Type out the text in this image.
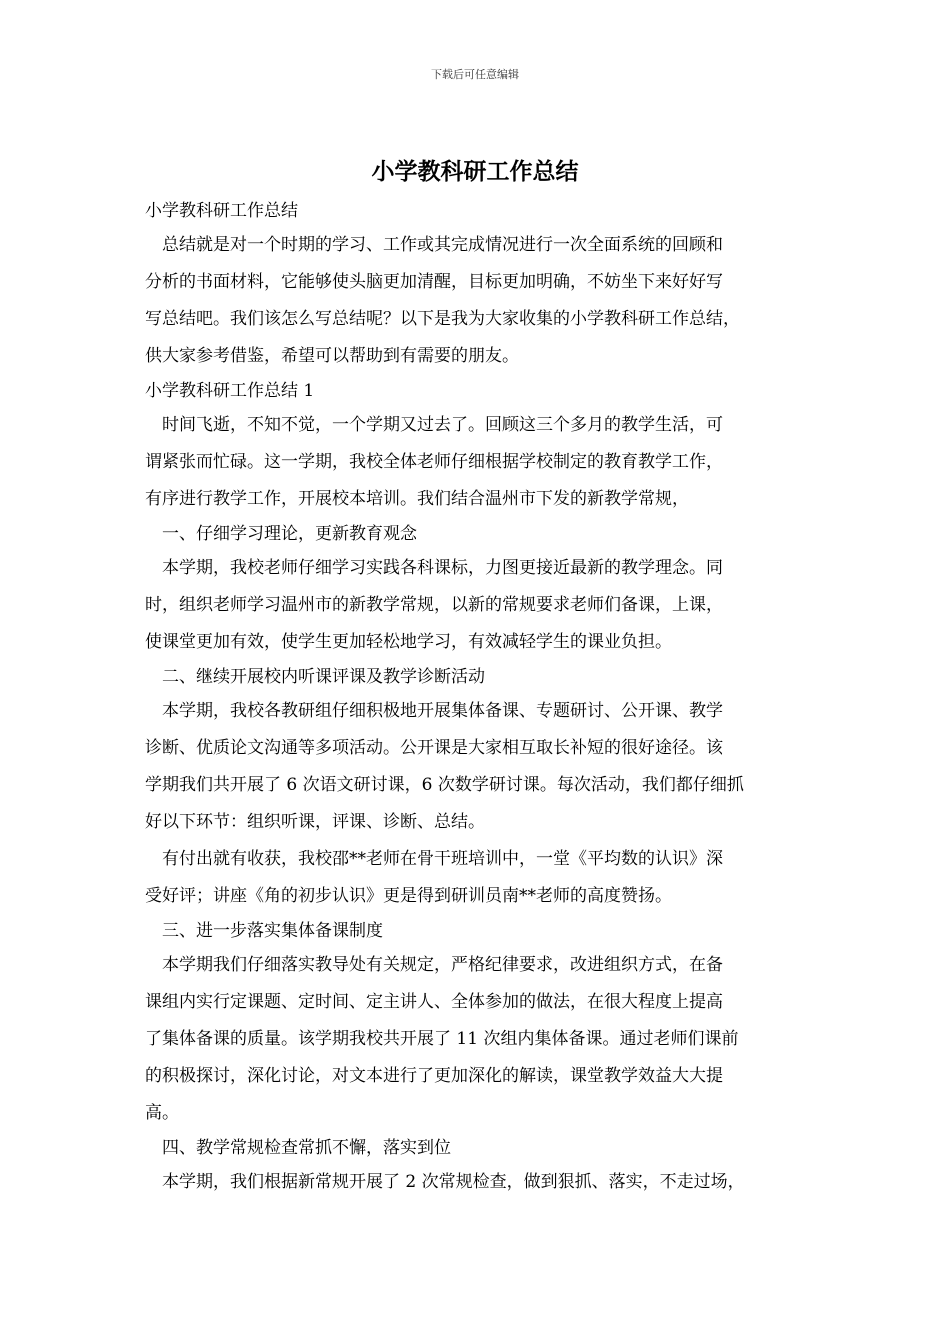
下载后可任意编辑
小学教科研工作总结
小学教科研工作总结
　总结就是对一个时期的学习、工作或其完成情况进行一次全面系统的回顾和
分析的书面材料，它能够使头脑更加清醒，目标更加明确，不妨坐下来好好写
写总结吧。我们该怎么写总结呢？以下是我为大家收集的小学教科研工作总结，
供大家参考借鉴，希望可以帮助到有需要的朋友。
小学教科研工作总结 1
　时间飞逝，不知不觉，一个学期又过去了。回顾这三个多月的教学生活，可
谓紧张而忙碌。这一学期，我校全体老师仔细根据学校制定的教育教学工作，
有序进行教学工作，开展校本培训。我们结合温州市下发的新教学常规，
　一、仔细学习理论，更新教育观念
　本学期，我校老师仔细学习实践各科课标，力图更接近最新的教学理念。同
时，组织老师学习温州市的新教学常规，以新的常规要求老师们备课，上课，
使课堂更加有效，使学生更加轻松地学习，有效减轻学生的课业负担。
　二、继续开展校内听课评课及教学诊断活动
　本学期，我校各教研组仔细积极地开展集体备课、专题研讨、公开课、教学
诊断、优质论文沟通等多项活动。公开课是大家相互取长补短的很好途径。该
学期我们共开展了 6 次语文研讨课，6 次数学研讨课。每次活动，我们都仔细抓
好以下环节：组织听课，评课、诊断、总结。
　有付出就有收获，我校邵**老师在骨干班培训中，一堂《平均数的认识》深
受好评；讲座《角的初步认识》更是得到研训员南**老师的高度赞扬。
　三、进一步落实集体备课制度
　本学期我们仔细落实教导处有关规定，严格纪律要求，改进组织方式，在备
课组内实行定课题、定时间、定主讲人、全体参加的做法，在很大程度上提高
了集体备课的质量。该学期我校共开展了 11 次组内集体备课。通过老师们课前
的积极探讨，深化讨论，对文本进行了更加深化的解读，课堂教学效益大大提
高。
　四、教学常规检查常抓不懈，落实到位
　本学期，我们根据新常规开展了 2 次常规检查，做到狠抓、落实，不走过场，
